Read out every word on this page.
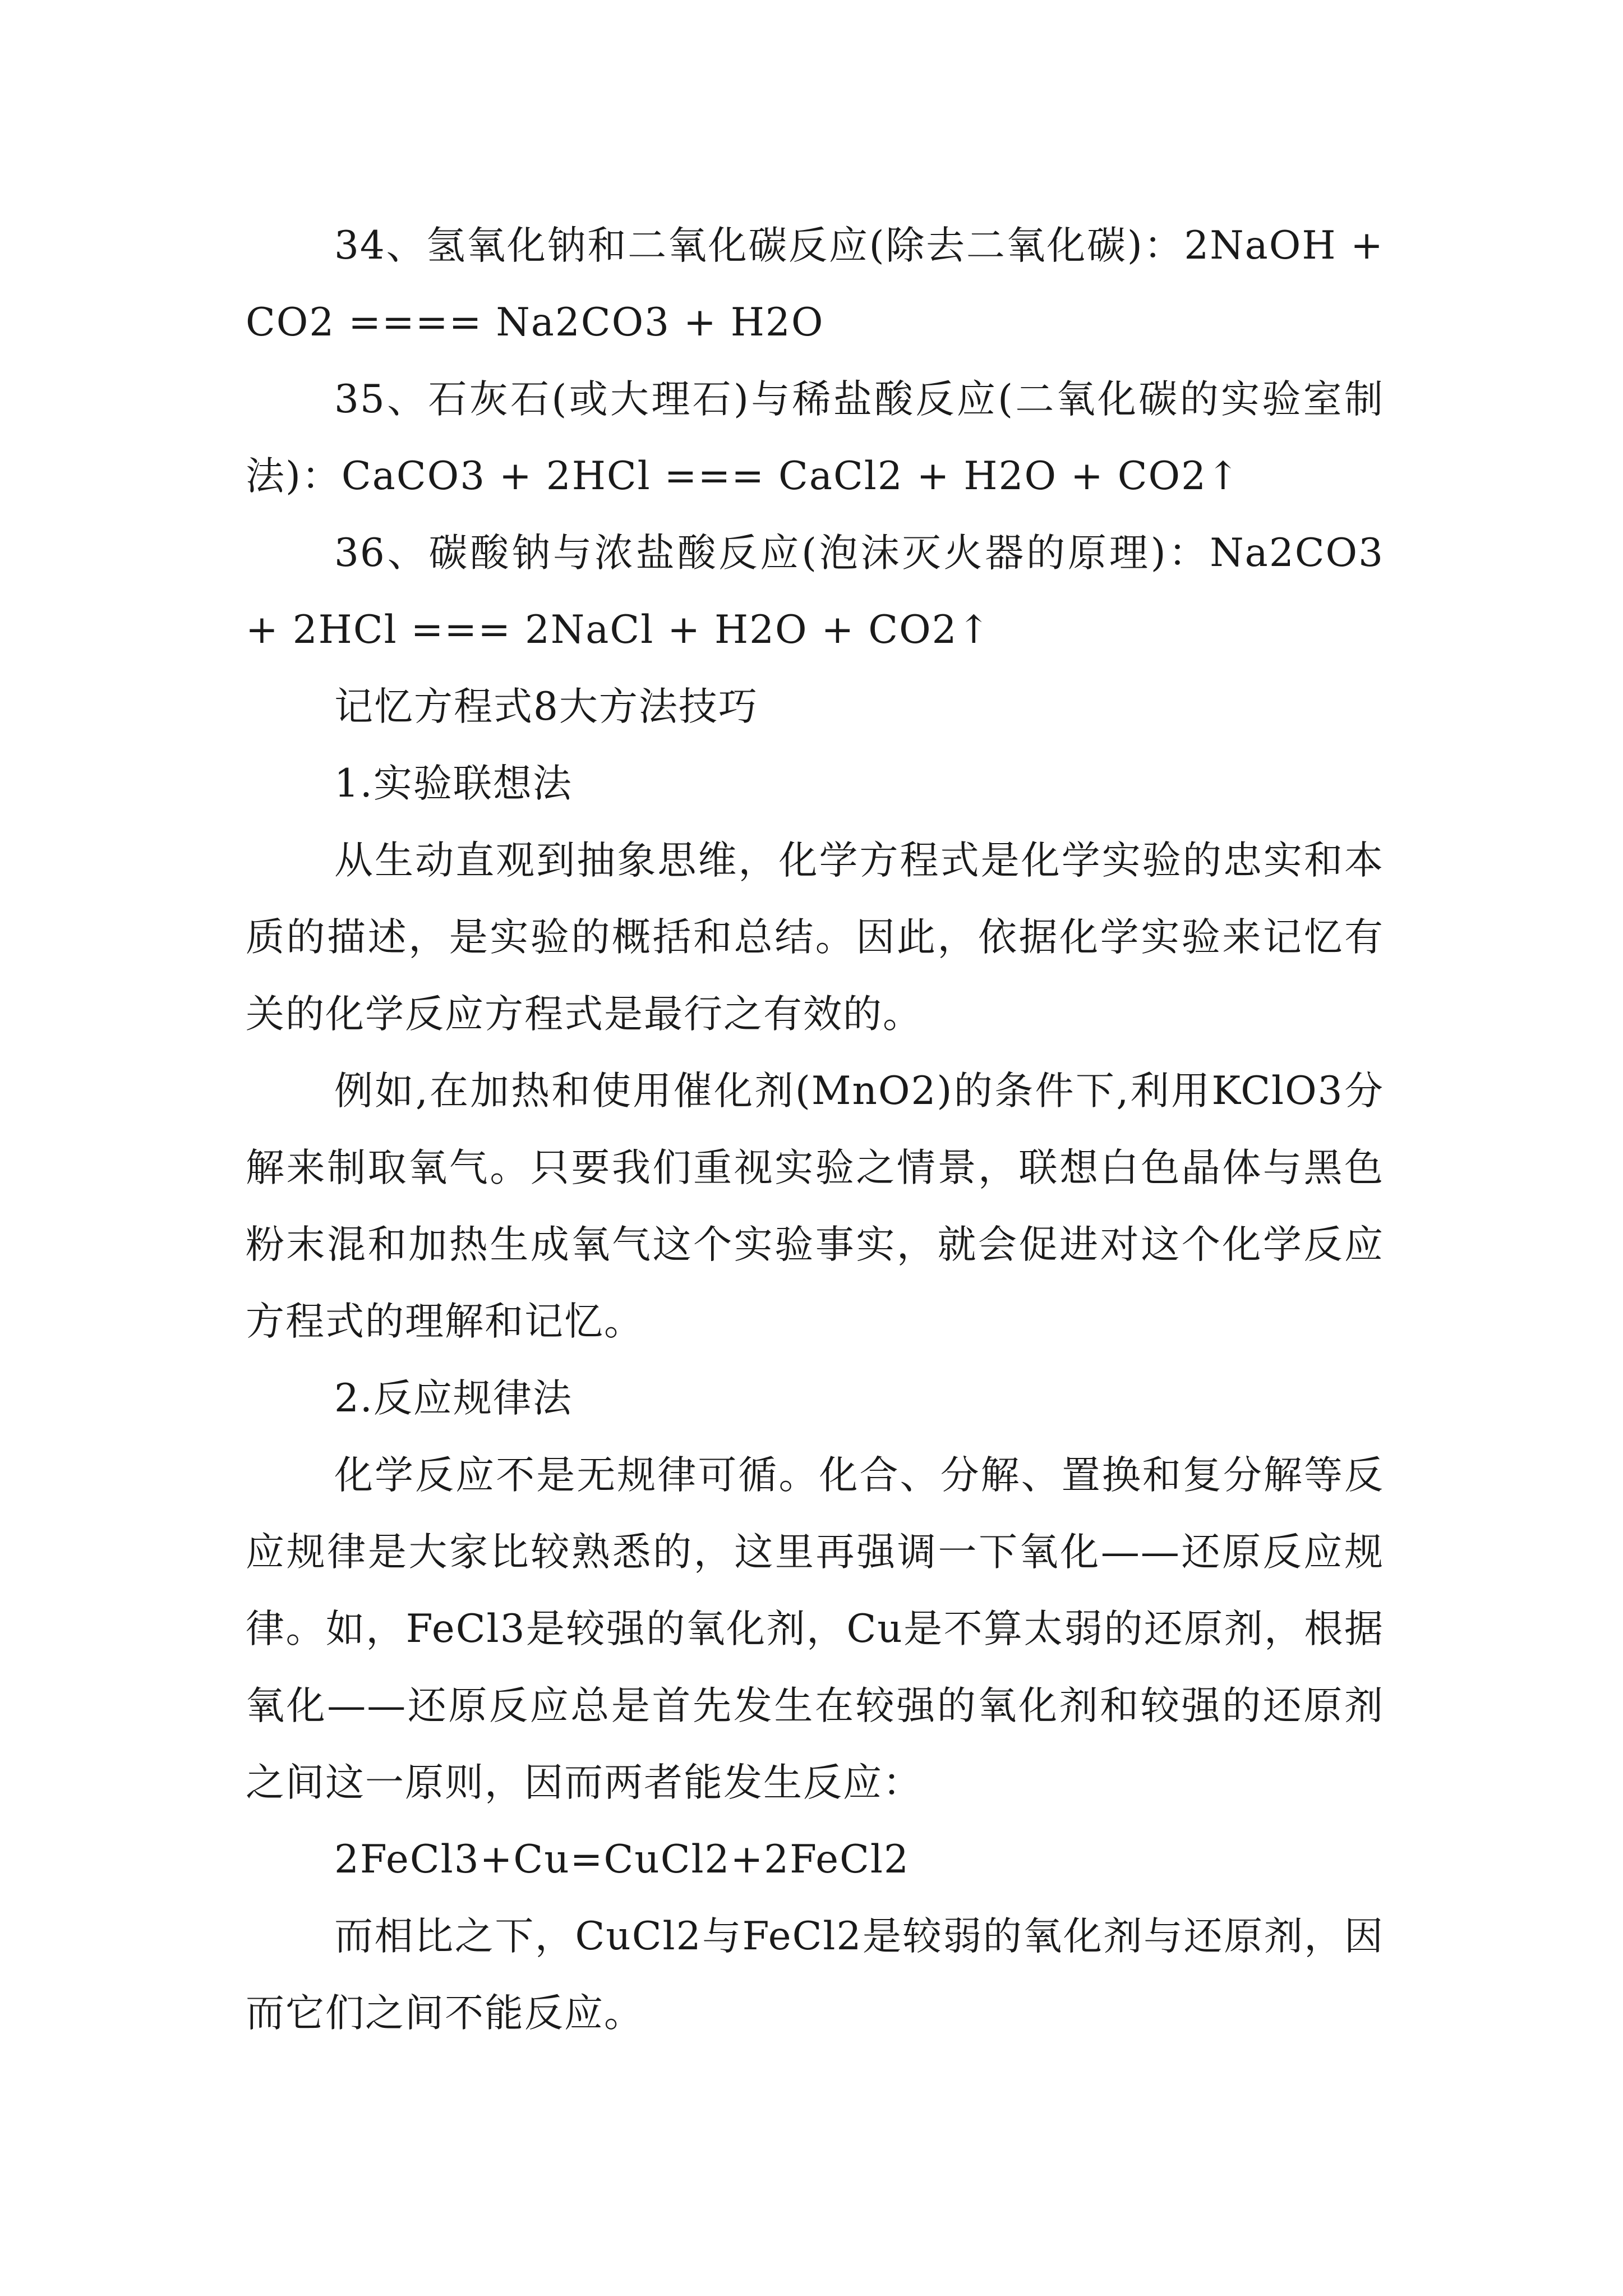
34、氢氧化钠和二氧化碳反应(除去二氧化碳)：2NaOH + CO2 ==== Na2CO3 + H2O

35、石灰石(或大理石)与稀盐酸反应(二氧化碳的实验室制法)：CaCO3 + 2HCl === CaCl2 + H2O + CO2↑

36、碳酸钠与浓盐酸反应(泡沫灭火器的原理)：Na2CO3 + 2HCl === 2NaCl + H2O + CO2↑

记忆方程式8大方法技巧

1.实验联想法

从生动直观到抽象思维，化学方程式是化学实验的忠实和本质的描述，是实验的概括和总结。因此，依据化学实验来记忆有关的化学反应方程式是最行之有效的。

例如,在加热和使用催化剂(MnO2)的条件下,利用KClO3分解来制取氧气。只要我们重视实验之情景，联想白色晶体与黑色粉末混和加热生成氧气这个实验事实，就会促进对这个化学反应方程式的理解和记忆。

2.反应规律法

化学反应不是无规律可循。化合、分解、置换和复分解等反应规律是大家比较熟悉的，这里再强调一下氧化——还原反应规律。如，FeCl3是较强的氧化剂，Cu是不算太弱的还原剂，根据氧化——还原反应总是首先发生在较强的氧化剂和较强的还原剂之间这一原则，因而两者能发生反应：

2FeCl3+Cu=CuCl2+2FeCl2

而相比之下，CuCl2与FeCl2是较弱的氧化剂与还原剂，因而它们之间不能反应。
